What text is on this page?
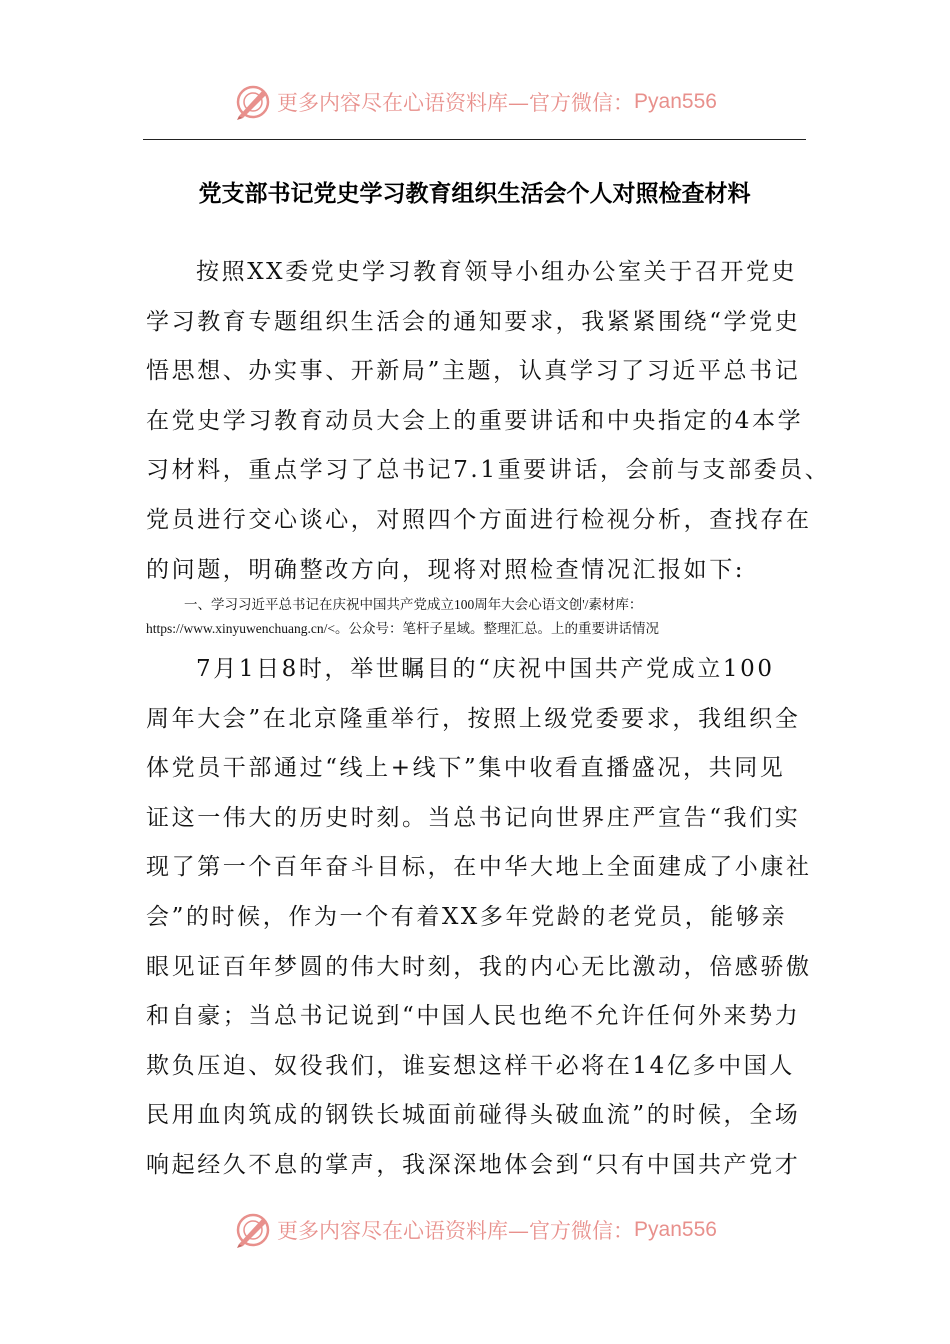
更多内容尽在心语资料库—官方微信： Pyan556
党支部书记党史学习教育组织生活会个人对照检查材料
按照XX委党史学习教育领导小组办公室关于召开党史
学习教育专题组织生活会的通知要求，我紧紧围绕“学党史
悟思想、办实事、开新局”主题，认真学习了习近平总书记
在党史学习教育动员大会上的重要讲话和中央指定的4本学
习材料，重点学习了总书记7.1重要讲话，会前与支部委员、
党员进行交心谈心，对照四个方面进行检视分析，查找存在
的问题，明确整改方向，现将对照检查情况汇报如下:
一、学习习近平总书记在庆祝中国共产党成立100周年大会心语文创'/素材库：
https://www.xinyuwenchuang.cn/<。公众号：笔杆子星域。整理汇总。上的重要讲话情况
7月1日8时，举世瞩目的“庆祝中国共产党成立100
周年大会”在北京隆重举行，按照上级党委要求，我组织全
体党员干部通过“线上+线下”集中收看直播盛况，共同见
证这一伟大的历史时刻。当总书记向世界庄严宣告“我们实
现了第一个百年奋斗目标，在中华大地上全面建成了小康社
会”的时候，作为一个有着XX多年党龄的老党员，能够亲
眼见证百年梦圆的伟大时刻，我的内心无比激动，倍感骄傲
和自豪；当总书记说到“中国人民也绝不允许任何外来势力
欺负压迫、奴役我们，谁妄想这样干必将在14亿多中国人
民用血肉筑成的钢铁长城面前碰得头破血流”的时候，全场
响起经久不息的掌声，我深深地体会到“只有中国共产党才
更多内容尽在心语资料库—官方微信： Pyan556
